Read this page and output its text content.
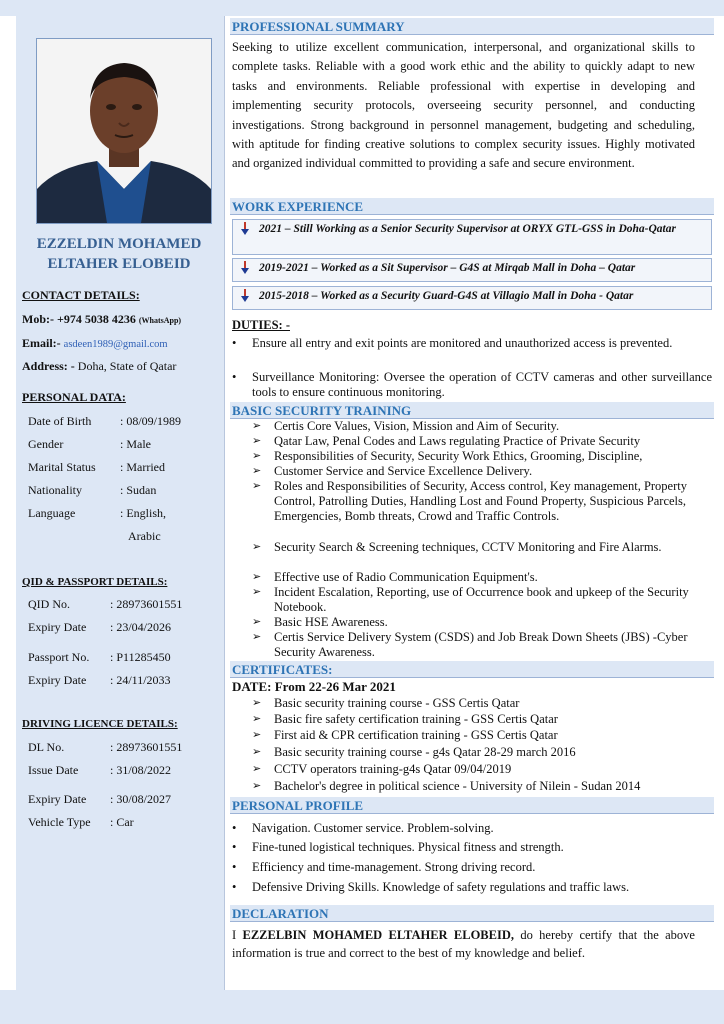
EZZELDIN MOHAMED
ELTAHER ELOBEID
CONTACT DETAILS:
Mob:- +974 5038 4236 (WhatsApp)
Email:- asdeen1989@gmail.com
Address: - Doha, State of Qatar
PERSONAL DATA:
Date of Birth : 08/09/1989
Gender	: Male
Marital Status : Married
Nationality	: Sudan
Language	: English,
Arabic
QID & PASSPORT DETAILS:
QID No.	: 28973601551
Expiry Date : 23/04/2026
Passport No. : P11285450
Expiry Date : 24/11/2033
DRIVING LICENCE DETAILS:
DL No.	: 28973601551
Issue Date	: 31/08/2022
Expiry Date : 30/08/2027
Vehicle Type : Car
PROFESSIONAL SUMMARY
Seeking to utilize excellent communication, interpersonal, and organizational skills to complete tasks. Reliable with a good work ethic and the ability to quickly adapt to new tasks and environments. Reliable professional with expertise in developing and implementing security protocols, overseeing security personnel, and conducting investigations. Strong background in personnel management, budgeting and scheduling, with aptitude for finding creative solutions to complex security issues. Highly motivated and organized individual committed to providing a safe and secure environment.
WORK EXPERIENCE
2021 – Still Working as a Senior Security Supervisor at ORYX GTL-GSS in Doha-Qatar
2019-2021 – Worked as a Sit Supervisor – G4S at Mirqab Mall in Doha – Qatar
2015-2018 – Worked as a Security Guard-G4S at Villagio Mall in Doha - Qatar
DUTIES: -
• Ensure all entry and exit points are monitored and unauthorized access is prevented.
• Surveillance Monitoring: Oversee the operation of CCTV cameras and other surveillance tools to ensure continuous monitoring.
BASIC SECURITY TRAINING
➢ Certis Core Values, Vision, Mission and Aim of Security.
➢ Qatar Law, Penal Codes and Laws regulating Practice of Private Security
➢ Responsibilities of Security, Security Work Ethics, Grooming, Discipline,
➢ Customer Service and Service Excellence Delivery.
➢ Roles and Responsibilities of Security, Access control, Key management, Property Control, Patrolling Duties, Handling Lost and Found Property, Suspicious Parcels, Emergencies, Bomb threats, Crowd and Traffic Controls.
➢ Security Search & Screening techniques, CCTV Monitoring and Fire Alarms.
➢ Effective use of Radio Communication Equipment's.
➢ Incident Escalation, Reporting, use of Occurrence book and upkeep of the Security Notebook.
➢ Basic HSE Awareness.
➢ Certis Service Delivery System (CSDS) and Job Break Down Sheets (JBS) -Cyber Security Awareness.
CERTIFICATES:
DATE: From 22-26 Mar 2021
➢ Basic security training course - GSS Certis Qatar
➢ Basic fire safety certification training - GSS Certis Qatar
➢ First aid & CPR certification training - GSS Certis Qatar
➢ Basic security training course - g4s Qatar 28-29 march 2016
➢ CCTV operators training-g4s Qatar 09/04/2019
➢ Bachelor's degree in political science - University of Nilein - Sudan 2014
PERSONAL PROFILE
• Navigation. Customer service. Problem-solving.
• Fine-tuned logistical techniques. Physical fitness and strength.
• Efficiency and time-management. Strong driving record.
• Defensive Driving Skills. Knowledge of safety regulations and traffic laws.
DECLARATION
I EZZELBIN MOHAMED ELTAHER ELOBEID, do hereby certify that the above information is true and correct to the best of my knowledge and belief.
